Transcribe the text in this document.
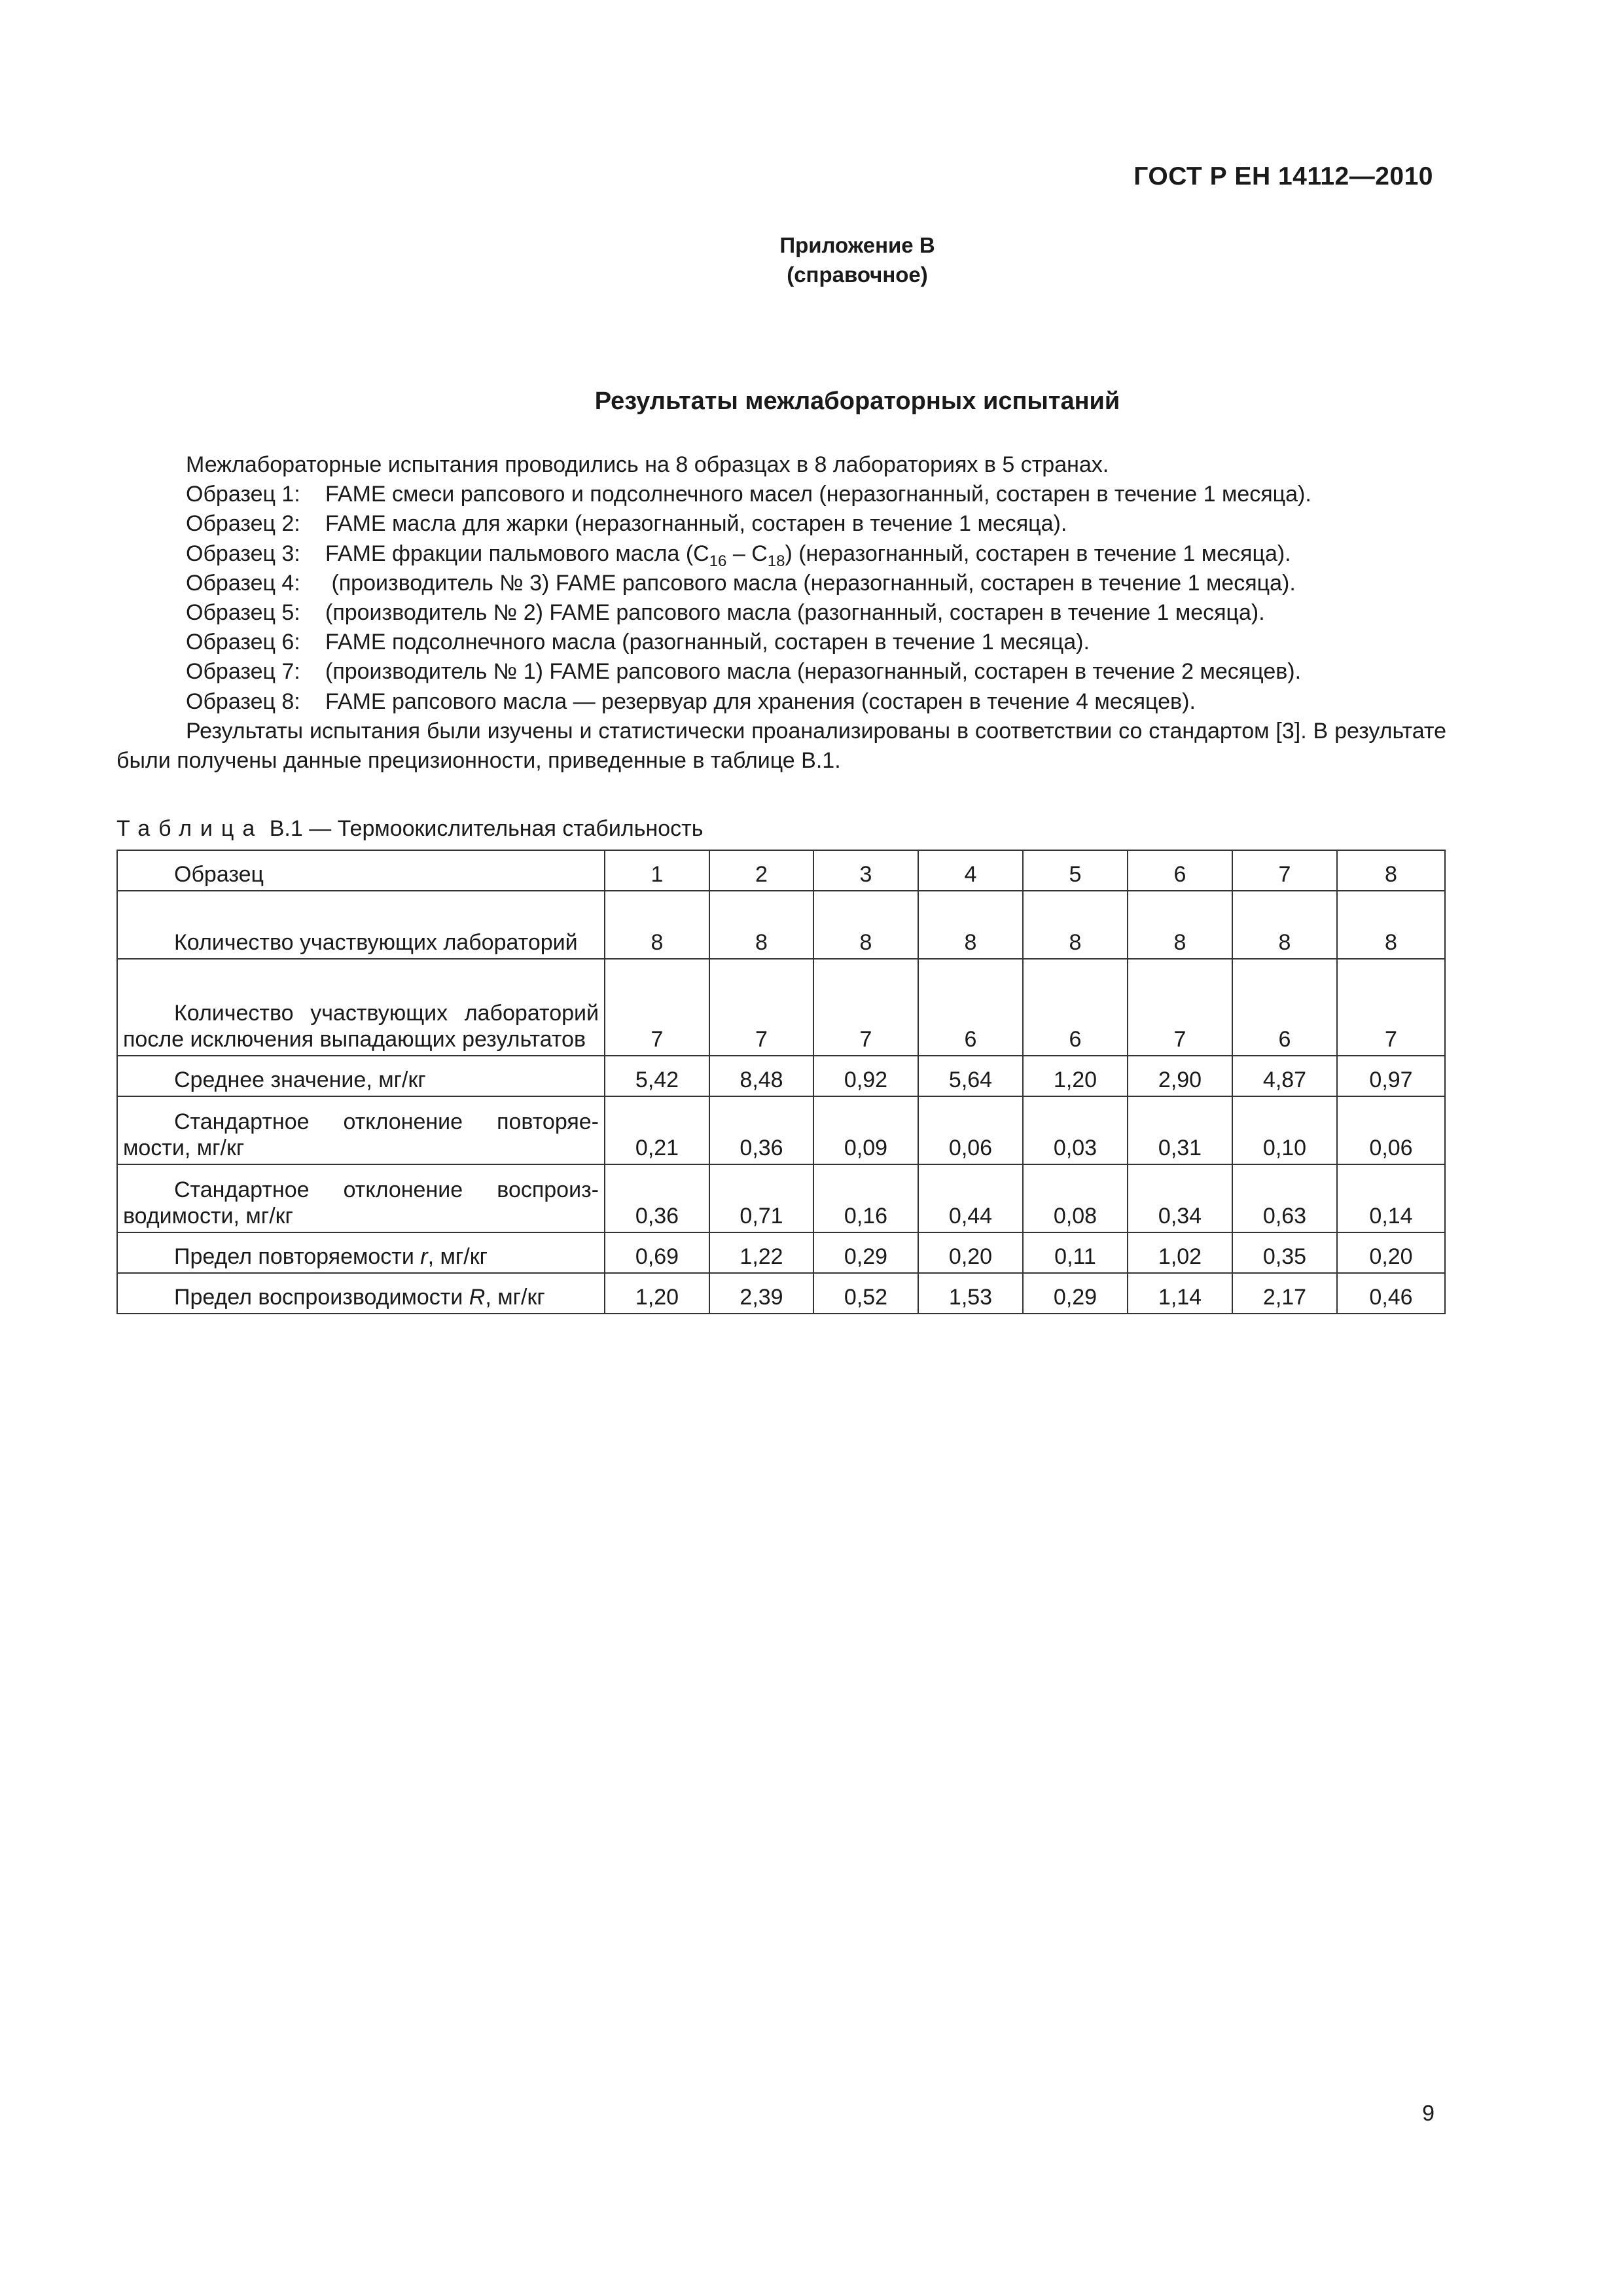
ГОСТ Р ЕН 14112—2010
Приложение В
(справочное)
Результаты межлабораторных испытаний
Межлабораторные испытания проводились на 8 образцах в 8 лабораториях в 5 странах.
Образец 1: FAME смеси рапсового и подсолнечного масел (неразогнанный, состарен в течение 1 месяца).
Образец 2: FAME масла для жарки (неразогнанный, состарен в течение 1 месяца).
Образец 3: FAME фракции пальмового масла $(C_{16} - C_{18})$ (неразогнанный, состарен в течение 1 месяца).
Образец 4: (производитель № 3) FAME рапсового масла (неразогнанный, состарен в течение 1 месяца).
Образец 5: (производитель № 2) FAME рапсового масла (разогнанный, состарен в течение 1 месяца).
Образец 6: FAME подсолнечного масла (разогнанный, состарен в течение 1 месяца).
Образец 7: (производитель № 1) FAME рапсового масла (неразогнанный, состарен в течение 2 месяцев).
Образец 8: FAME рапсового масла — резервуар для хранения (состарен в течение 4 месяцев).
Результаты испытания были изучены и статистически проанализированы в соответствии со стандартом [3]. В результате были получены данные прецизионности, приведенные в таблице В.1.
Таблица В.1 — Термоокислительная стабильность
Образец	1	2	3	4	5	6	7	8
Количество участвующих лабораторий	8	8	8	8	8	8	8	8
Количество участвующих лабораторий после исключения выпадающих результатов	7	7	7	6	6	7	6	7
Среднее значение, мг/кг	5,42	8,48	0,92	5,64	1,20	2,90	4,87	0,97
Стандартное отклонение повторяемости, мг/кг	0,21	0,36	0,09	0,06	0,03	0,31	0,10	0,06
Стандартное отклонение воспроизводимости, мг/кг	0,36	0,71	0,16	0,44	0,08	0,34	0,63	0,14
Предел повторяемости r, мг/кг	0,69	1,22	0,29	0,20	0,11	1,02	0,35	0,20
Предел воспроизводимости R, мг/кг	1,20	2,39	0,52	1,53	0,29	1,14	2,17	0,46
9
